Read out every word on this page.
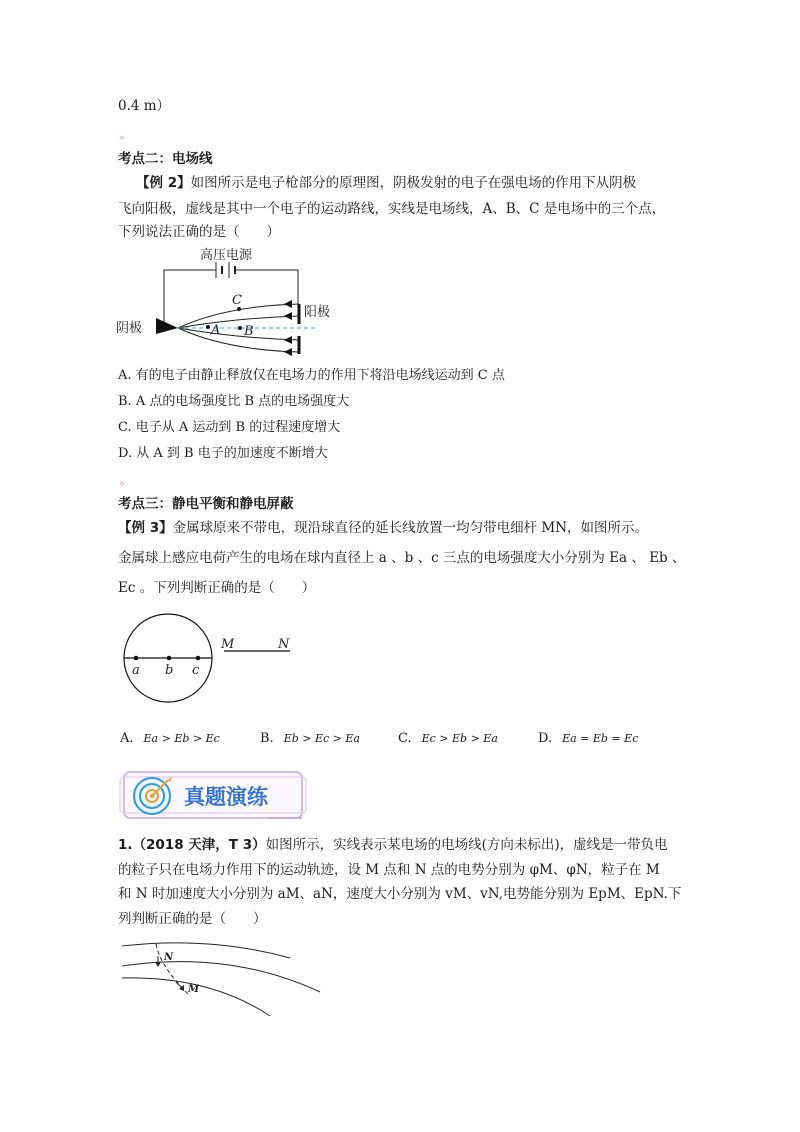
0.4 m）
。
考点二：电场线
【例 2】如图所示是电子枪部分的原理图，阴极发射的电子在强电场的作用下从阴极
飞向阳极，虚线是其中一个电子的运动路线，实线是电场线，A、B、C 是电场中的三个点，
下列说法正确的是（　　）
高压电源
阴极
阳极
C
A B
A. 有的电子由静止释放仅在电场力的作用下将沿电场线运动到 C 点
B. A 点的电场强度比 B 点的电场强度大
C. 电子从 A 运动到 B 的过程速度增大
D. 从 A 到 B 电子的加速度不断增大
。
考点三：静电平衡和静电屏蔽
【例 3】金属球原来不带电，现沿球直径的延长线放置一均匀带电细杆 MN，如图所示。
金属球上感应电荷产生的电场在球内直径上 a 、b 、c 三点的电场强度大小分别为 Ea 、 Eb 、
Ec 。下列判断正确的是（　　）
a b c
M	N
A. Ea > Eb > Ec	B. Eb > Ec > Ea	C. Ec > Eb > Ea	D. Ea = Eb = Ec
真题演练
1.（2018 天津，T 3）如图所示，实线表示某电场的电场线(方向未标出)，虚线是一带负电
的粒子只在电场力作用下的运动轨迹，设 M 点和 N 点的电势分别为 φM、φN，粒子在 M
和 N 时加速度大小分别为 aM、aN，速度大小分别为 vM、vN,电势能分别为 EpM、EpN.下
列判断正确的是（　　）
N
M
